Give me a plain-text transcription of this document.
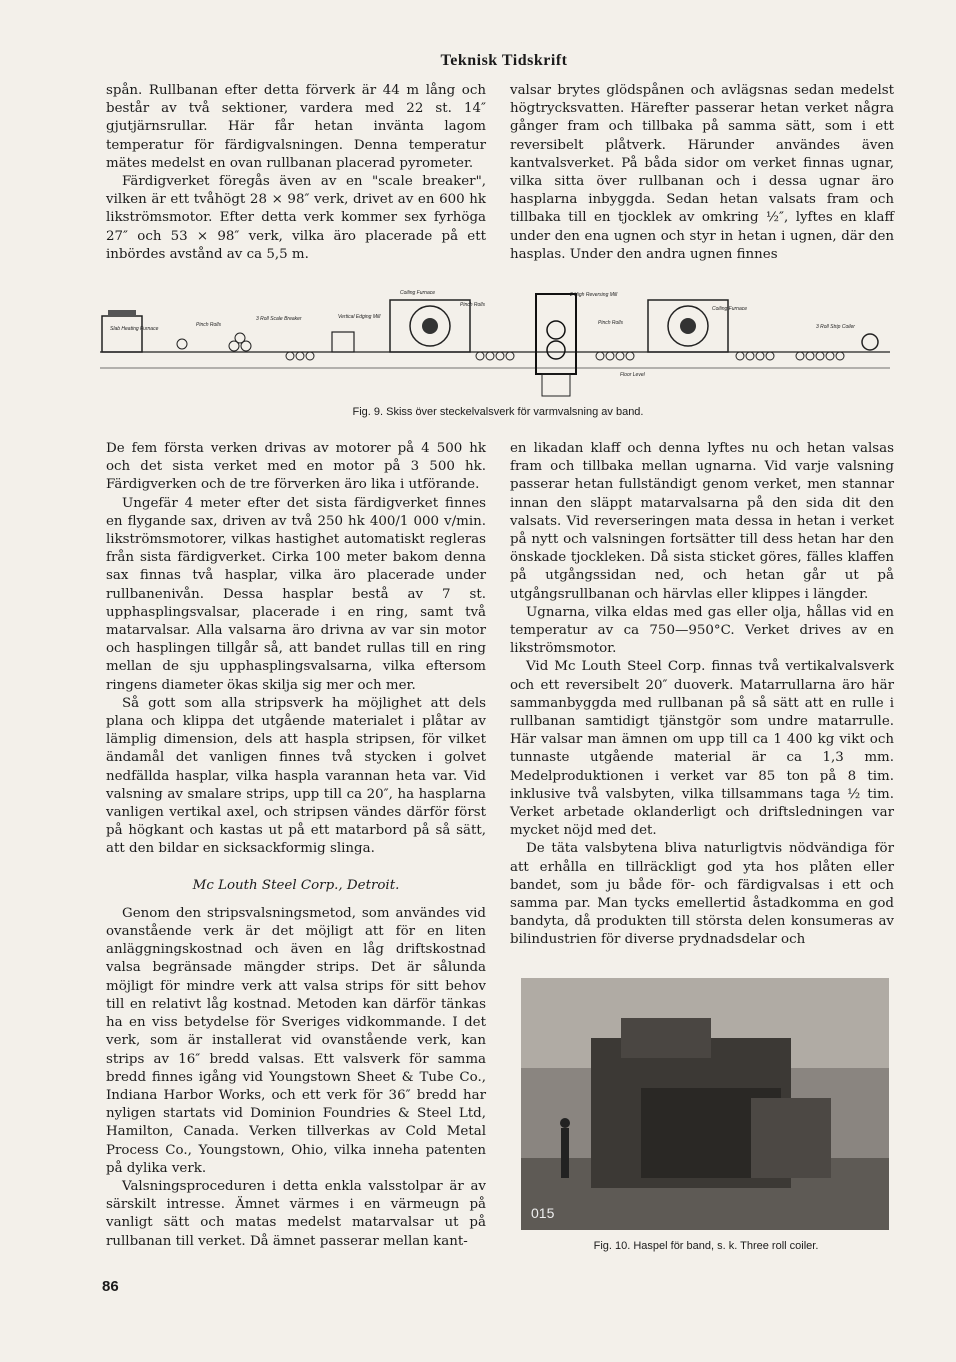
Teknisk Tidskrift

spån. Rullbanan efter detta förverk är 44 m lång och består av två sektioner, vardera med 22 st. 14″ gjutjärnsrullar. Här får hetan invänta lagom temperatur för färdigvalsningen. Denna temperatur mätes medelst en ovan rullbanan placerad pyrometer.

Färdigverket föregås även av en "scale breaker", vilken är ett tvåhögt 28 × 98″ verk, drivet av en 600 hk likströmsmotor. Efter detta verk kommer sex fyrhöga 27″ och 53 × 98″ verk, vilka äro placerade på ett inbördes avstånd av ca 5,5 m.

valsar brytes glödspånen och avlägsnas sedan medelst högtrycksvatten. Härefter passerar hetan verket några gånger fram och tillbaka på samma sätt, som i ett reversibelt plåtverk. Härunder användes även kantvalsverket. På båda sidor om verket finnas ugnar, vilka sitta över rullbanan och i dessa ugnar äro hasplarna inbyggda. Sedan hetan valsats fram och tillbaka till en tjocklek av omkring ½″, lyftes en klaff under den ena ugnen och styr in hetan i ugnen, där den hasplas. Under den andra ugnen finnes

Slab Heating Furnace
Pinch Rolls
3 Roll Scale Breaker	Vertical Edging Mill
Coiling Furnace
Pinch Rolls
2 High Reversing Mill
Pinch Rolls
Coiling Furnace
3 Roll Strip Coiler
Floor Level
Fig. 9. Skiss över steckelvalsverk för varmvalsning av band.

De fem första verken drivas av motorer på 4 500 hk och det sista verket med en motor på 3 500 hk. Färdigverken och de tre förverken äro lika i utförande.

Ungefär 4 meter efter det sista färdigverket finnes en flygande sax, driven av två 250 hk 400/1 000 v/min. likströmsmotorer, vilkas hastighet automatiskt regleras från sista färdigverket. Cirka 100 meter bakom denna sax finnas två hasplar, vilka äro placerade under rullbanenivån. Dessa hasplar bestå av 7 st. upphasplingsvalsar, placerade i en ring, samt två matarvalsar. Alla valsarna äro drivna av var sin motor och hasplingen tillgår så, att bandet rullas till en ring mellan de sju upphasplingsvalsarna, vilka eftersom ringens diameter ökas skilja sig mer och mer.

Så gott som alla stripsverk ha möjlighet att dels plana och klippa det utgående materialet i plåtar av lämplig dimension, dels att haspla stripsen, för vilket ändamål det vanligen finnes två stycken i golvet nedfällda hasplar, vilka haspla varannan heta var. Vid valsning av smalare strips, upp till ca 20″, ha hasplarna vanligen vertikal axel, och stripsen vändes därför först på högkant och kastas ut på ett matarbord på så sätt, att den bildar en sicksackformig slinga.

Mc Louth Steel Corp., Detroit.

Genom den stripsvalsningsmetod, som användes vid ovanstående verk är det möjligt att för en liten anläggningskostnad och även en låg driftskostnad valsa begränsade mängder strips. Det är sålunda möjligt för mindre verk att valsa strips för sitt behov till en relativt låg kostnad. Metoden kan därför tänkas ha en viss betydelse för Sveriges vidkommande. I det verk, som är installerat vid ovanstående verk, kan strips av 16″ bredd valsas. Ett valsverk för samma bredd finnes igång vid Youngstown Sheet & Tube Co., Indiana Harbor Works, och ett verk för 36″ bredd har nyligen startats vid Dominion Foundries & Steel Ltd, Hamilton, Canada. Verken tillverkas av Cold Metal Process Co., Youngstown, Ohio, vilka inneha patenten på dylika verk.

Valsningsproceduren i detta enkla valsstolpar är av särskilt intresse. Ämnet värmes i en värmeugn på vanligt sätt och matas medelst matarvalsar ut på rullbanan till verket. Då ämnet passerar mellan kant-

en likadan klaff och denna lyftes nu och hetan valsas fram och tillbaka mellan ugnarna. Vid varje valsning passerar hetan fullständigt genom verket, men stannar innan den släppt matarvalsarna på den sida dit den valsats. Vid reverseringen mata dessa in hetan i verket på nytt och valsningen fortsätter till dess hetan har den önskade tjockleken. Då sista sticket göres, fälles klaffen på utgångssidan ned, och hetan går ut på utgångsrullbanan och härvlas eller klippes i längder.

Ugnarna, vilka eldas med gas eller olja, hållas vid en temperatur av ca 750—950°C. Verket drives av en likströmsmotor.

Vid Mc Louth Steel Corp. finnas två vertikalvalsverk och ett reversibelt 20″ duoverk. Matarrullarna äro här sammanbyggda med rullbanan på så sätt att en rulle i rullbanan samtidigt tjänstgör som undre matarrulle. Här valsar man ämnen om upp till ca 1 400 kg vikt och tunnaste utgående material är ca 1,3 mm. Medelproduktionen i verket var 85 ton på 8 tim. inklusive två valsbyten, vilka tillsammans taga ½ tim. Verket arbetade oklanderligt och driftsledningen var mycket nöjd med det.

De täta valsbytena bliva naturligtvis nödvändiga för att erhålla en tillräckligt god yta hos plåten eller bandet, som ju både för- och färdigvalsas i ett och samma par. Man tycks emellertid åstadkomma en god bandyta, då produkten till största delen konsumeras av bilindustrien för diverse prydnadsdelar och

015
Fig. 10. Haspel för band, s. k. Three roll coiler.
86
